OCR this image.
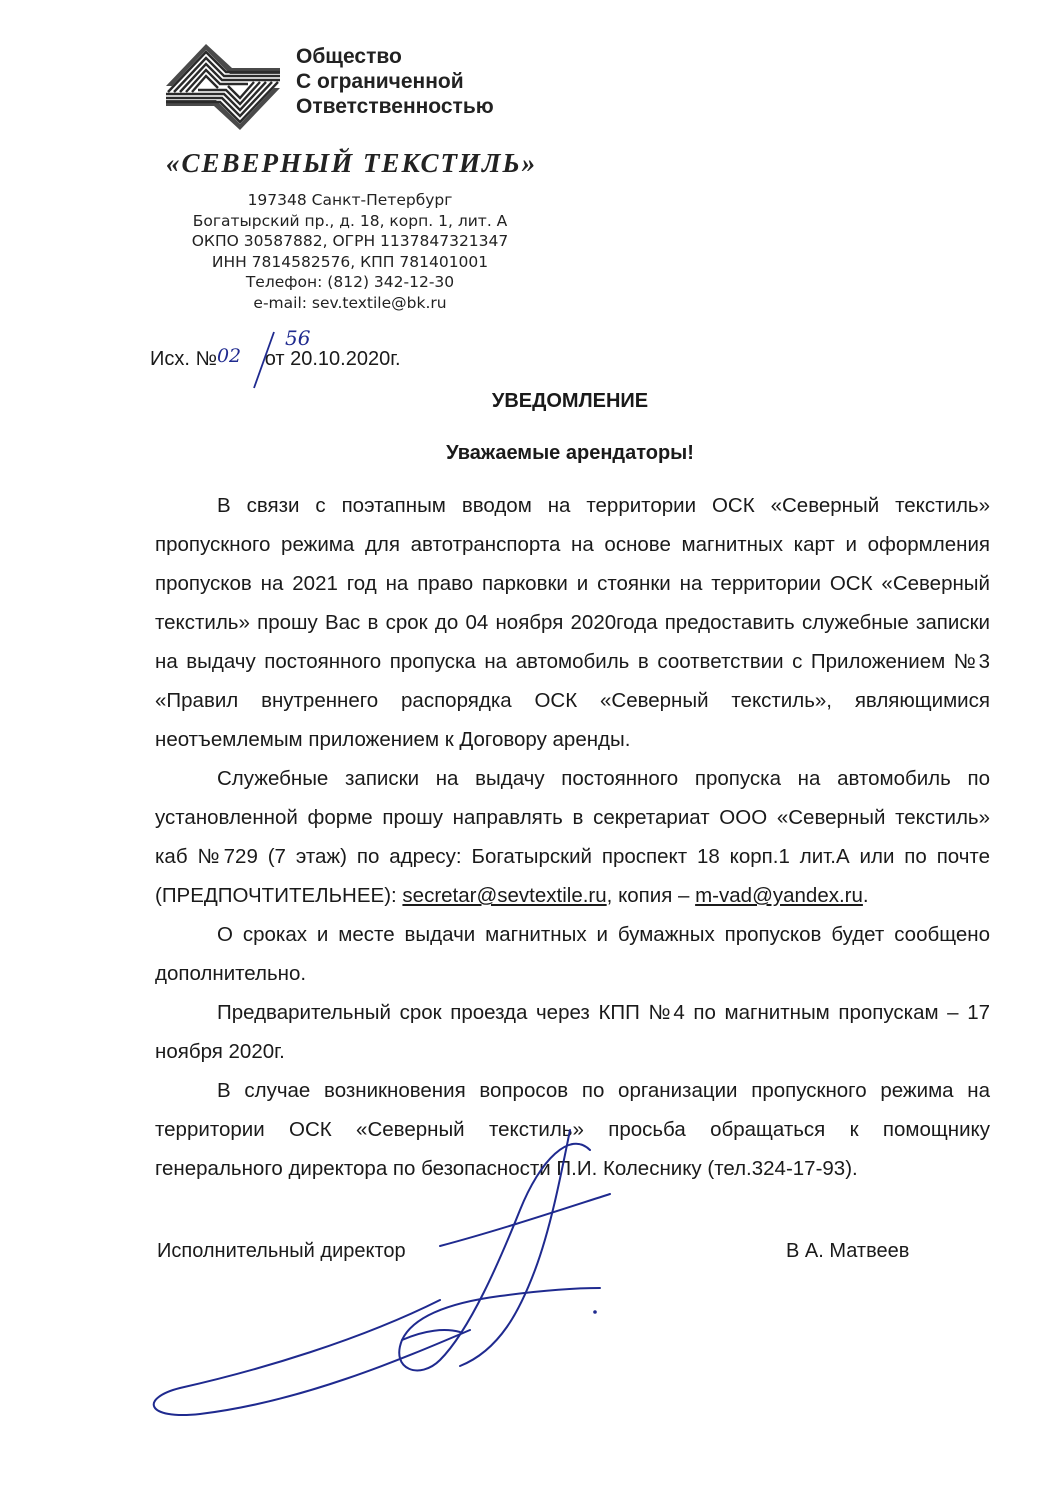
Общество
С ограниченной
Ответственностью
«СЕВЕРНЫЙ ТЕКСТИЛЬ»
197348 Санкт-Петербург
Богатырский пр., д. 18, корп. 1, лит. А
ОКПО 30587882, ОГРН 1137847321347
ИНН 7814582576, КПП 781401001
Телефон: (812) 342-12-30
e-mail: sev.textile@bk.ru
Исх. №02
56
от 20.10.2020г.
УВЕДОМЛЕНИЕ
Уважаемые арендаторы!

В связи с поэтапным вводом на территории ОСК «Северный текстиль» пропускного режима для автотранспорта на основе магнитных карт и оформления пропусков на 2021 год на право парковки и стоянки на территории ОСК «Северный текстиль» прошу Вас в срок до 04 ноября 2020года предоставить служебные записки на выдачу постоянного пропуска на автомобиль в соответствии с Приложением №3 «Правил внутреннего распорядка ОСК «Северный текстиль», являющимися неотъемлемым приложением к Договору аренды.

Служебные записки на выдачу постоянного пропуска на автомобиль по установленной форме прошу направлять в секретариат ООО «Северный текстиль» каб №729 (7 этаж) по адресу: Богатырский проспект 18 корп.1 лит.А или по почте (ПРЕДПОЧТИТЕЛЬНЕЕ): secretar@sevtextile.ru, копия – m-vad@yandex.ru.

О сроках и месте выдачи магнитных и бумажных пропусков будет сообщено дополнительно.

Предварительный срок проезда через КПП №4 по магнитным пропускам – 17 ноября 2020г.

В случае возникновения вопросов по организации пропускного режима на территории ОСК «Северный текстиль» просьба обращаться к помощнику генерального директора по безопасности П.И. Колеснику (тел.324-17-93).

Исполнительный директор	В А. Матвеев
